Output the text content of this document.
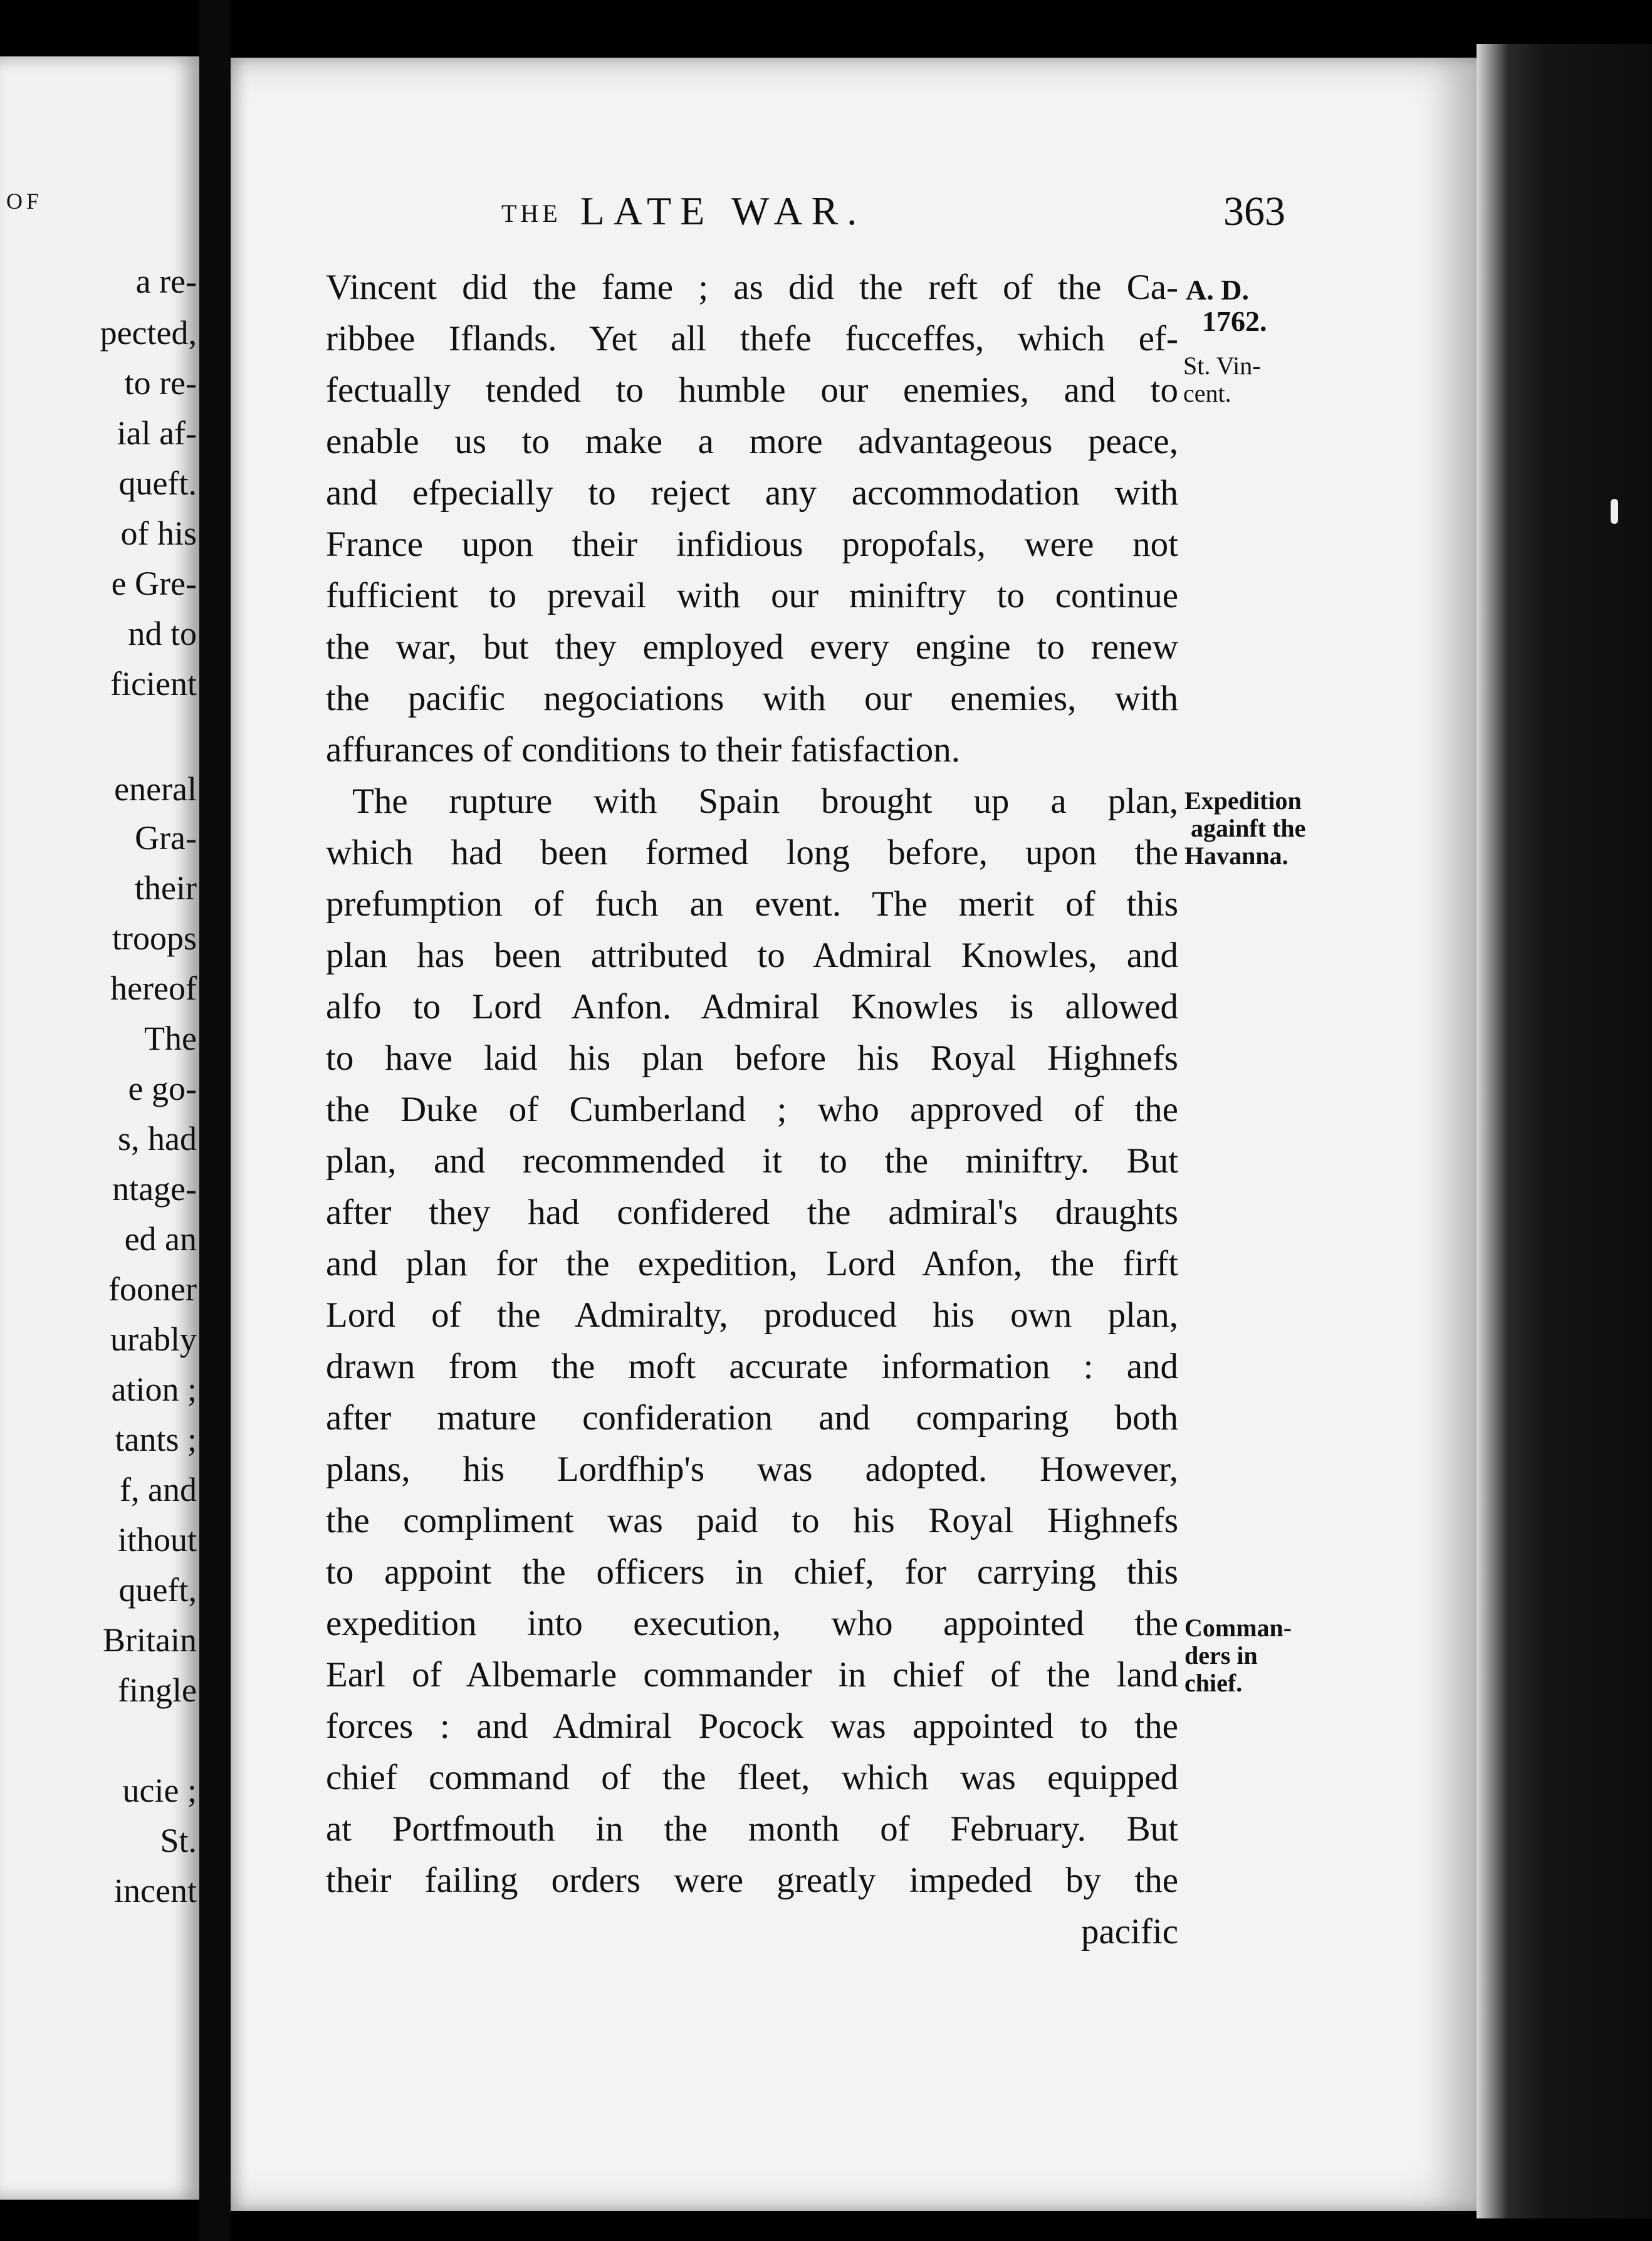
OF
a re-
pected,
to re-
ial af-
queft.
of his
e Gre-
nd to
ficient
eneral
Gra-
their
troops
hereof
The
e go-
s, had
ntage-
ed an
fooner
urably
ation ;
tants ;
f, and
ithout
queft,
Britain
fingle
ucie ;
St.
incent
THE LATE WAR.	363
Vincent did the fame ; as did the reft of the Ca-
ribbee Iflands. Yet all thefe fucceffes, which ef-
fectually tended to humble our enemies, and to
enable us to make a more advantageous peace,
and efpecially to reject any accommodation with
France upon their infidious propofals, were not
fufficient to prevail with our miniftry to continue
the war, but they employed every engine to renew
the pacific negociations with our enemies, with
affurances of conditions to their fatisfaction.
The rupture with Spain brought up a plan,
which had been formed long before, upon the
prefumption of fuch an event. The merit of this
plan has been attributed to Admiral Knowles, and
alfo to Lord Anfon. Admiral Knowles is allowed
to have laid his plan before his Royal Highnefs
the Duke of Cumberland ; who approved of the
plan, and recommended it to the miniftry. But
after they had confidered the admiral's draughts
and plan for the expedition, Lord Anfon, the firft
Lord of the Admiralty, produced his own plan,
drawn from the moft accurate information : and
after mature confideration and comparing both
plans, his Lordfhip's was adopted. However,
the compliment was paid to his Royal Highnefs
to appoint the officers in chief, for carrying this
expedition into execution, who appointed the
Earl of Albemarle commander in chief of the land
forces : and Admiral Pocock was appointed to the
chief command of the fleet, which was equipped
at Portfmouth in the month of February. But
their failing orders were greatly impeded by the
pacific
A. D.
1762.
St. Vin-
cent.
Expedition
againft the
Havanna.
Comman-
ders in
chief.
